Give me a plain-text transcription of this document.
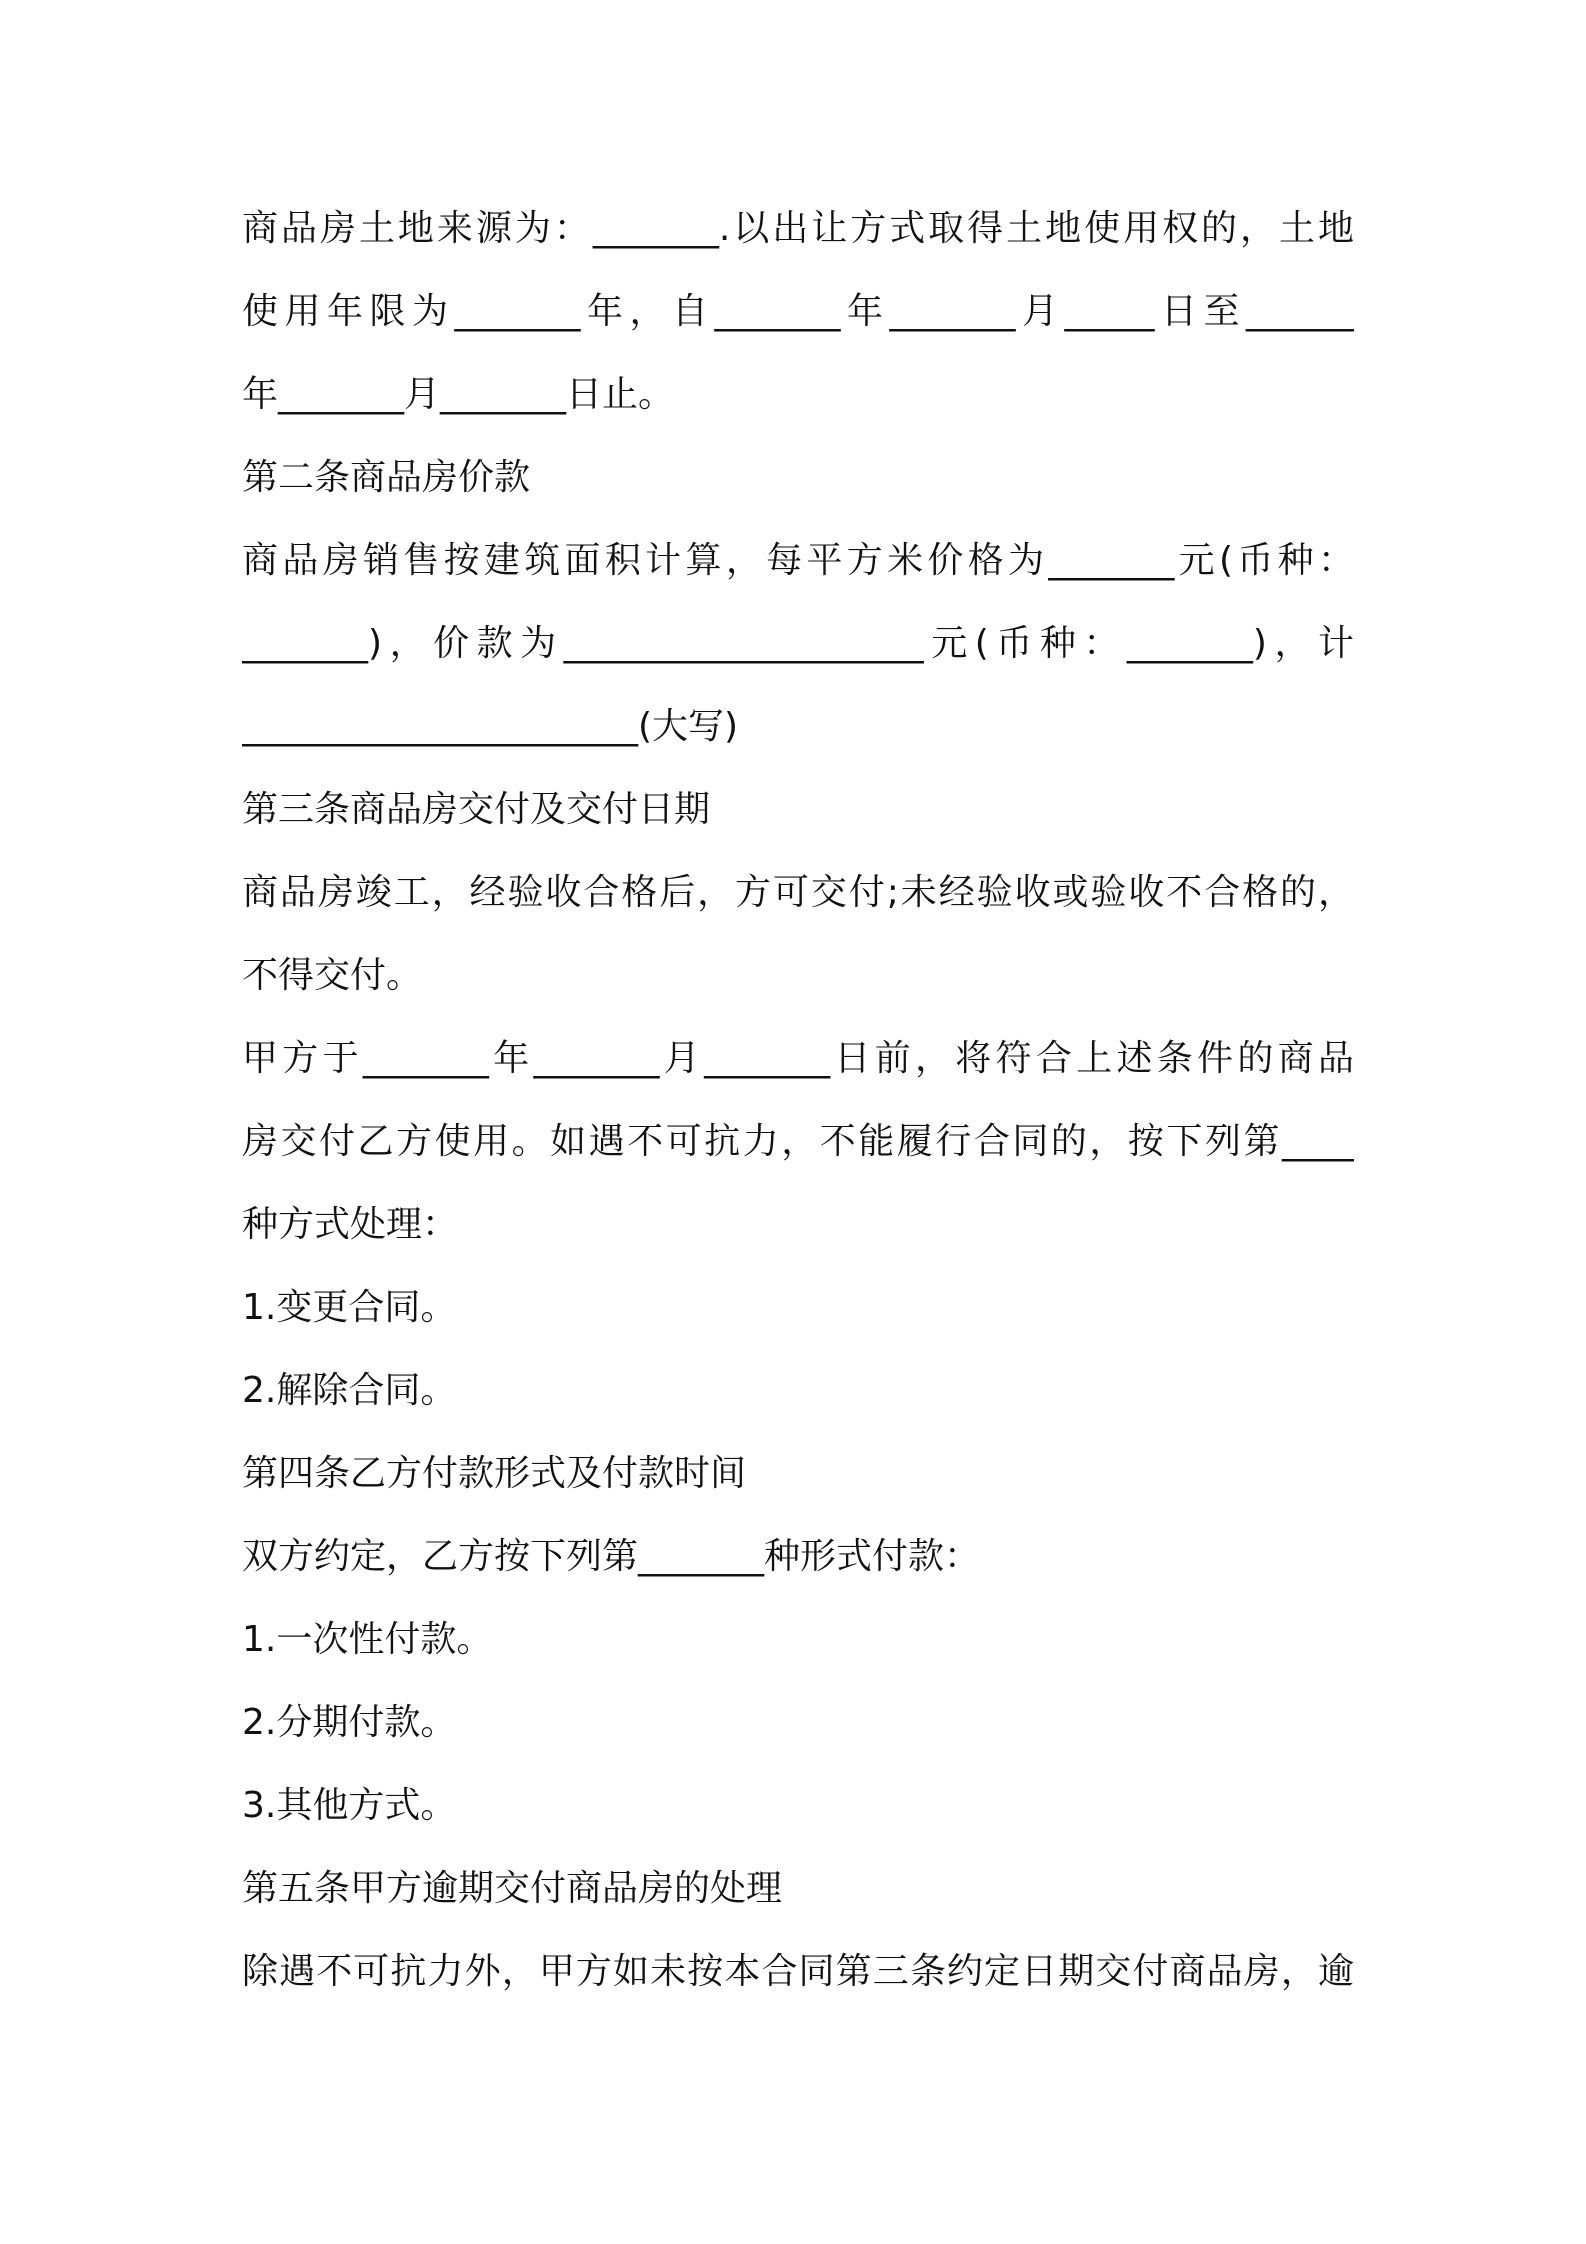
商品房土地来源为：_______.以出让方式取得土地使用权的，土地
使用年限为_______年，自_______年_______月_____日至______
年_______月_______日止。
第二条商品房价款
商品房销售按建筑面积计算，每平方米价格为_______元(币种：
_______)，价款为____________________元(币种：_______)，计
______________________(大写)
第三条商品房交付及交付日期
商品房竣工，经验收合格后，方可交付;未经验收或验收不合格的，
不得交付。
甲方于_______年_______月_______日前，将符合上述条件的商品
房交付乙方使用。如遇不可抗力，不能履行合同的，按下列第____
种方式处理：
1.变更合同。
2.解除合同。
第四条乙方付款形式及付款时间
双方约定，乙方按下列第_______种形式付款：
1.一次性付款。
2.分期付款。
3.其他方式。
第五条甲方逾期交付商品房的处理
除遇不可抗力外，甲方如未按本合同第三条约定日期交付商品房，逾
